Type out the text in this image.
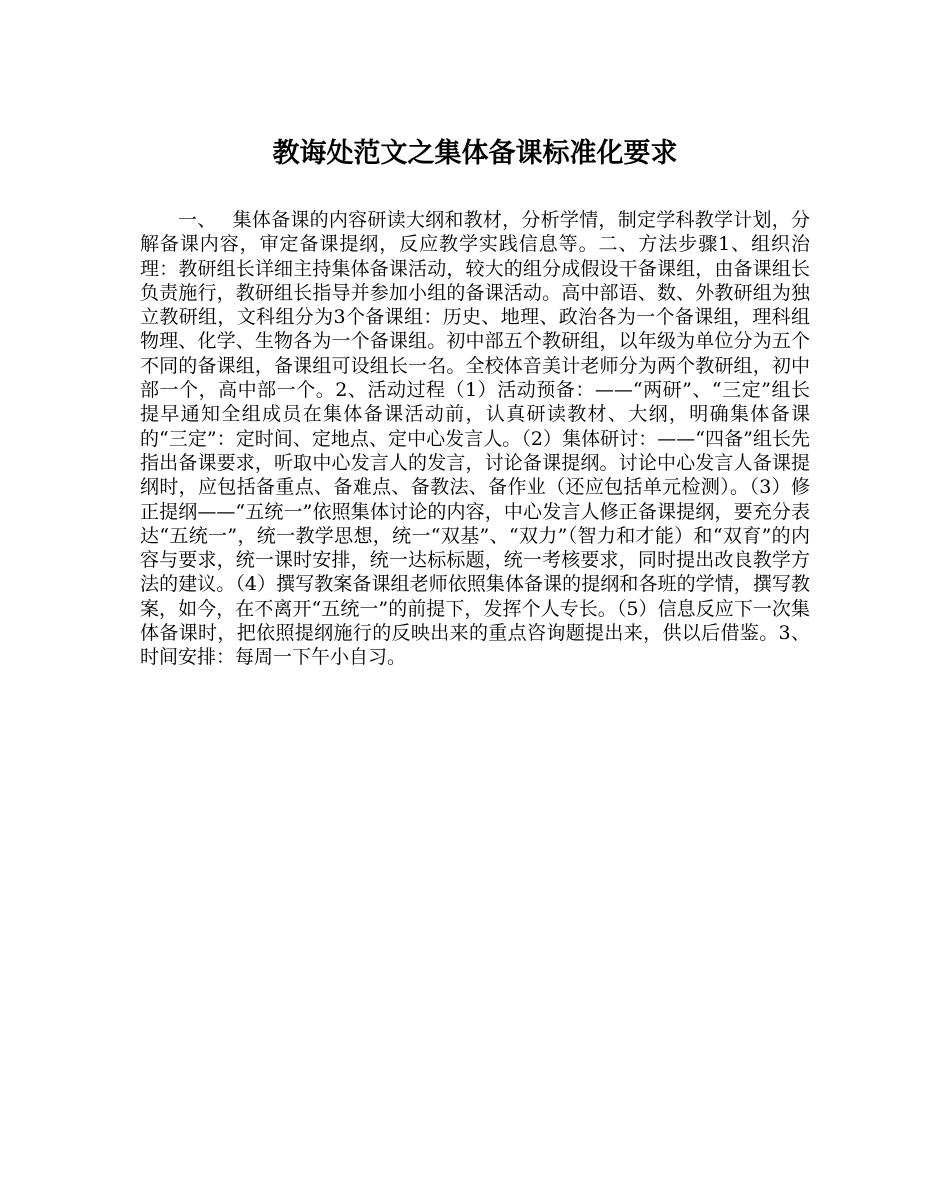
教诲处范文之集体备课标准化要求

一、　 集体备课的内容研读大纲和教材，分析学情，制定学科教学计划，分解备课内容，审定备课提纲，反应教学实践信息等。二、方法步骤1、组织治理：教研组长详细主持集体备课活动，较大的组分成假设干备课组，由备课组长负责施行，教研组长指导并参加小组的备课活动。高中部语、数、外教研组为独立教研组，文科组分为3个备课组：历史、地理、政治各为一个备课组，理科组物理、化学、生物各为一个备课组。初中部五个教研组，以年级为单位分为五个不同的备课组，备课组可设组长一名。全校体音美计老师分为两个教研组，初中部一个，高中部一个。2、活动过程（1）活动预备：——“两研”、“三定”组长提早通知全组成员在集体备课活动前，认真研读教材、大纲，明确集体备课的“三定”：定时间、定地点、定中心发言人。（2）集体研讨：——“四备”组长先指出备课要求，听取中心发言人的发言，讨论备课提纲。讨论中心发言人备课提纲时，应包括备重点、备难点、备教法、备作业（还应包括单元检测）。（3）修正提纲——“五统一”依照集体讨论的内容，中心发言人修正备课提纲，要充分表达“五统一”，统一教学思想，统一“双基”、“双力”（智力和才能）和“双育”的内容与要求，统一课时安排，统一达标标题，统一考核要求，同时提出改良教学方法的建议。（4）撰写教案备课组老师依照集体备课的提纲和各班的学情，撰写教案，如今，在不离开“五统一”的前提下，发挥个人专长。（5）信息反应下一次集体备课时，把依照提纲施行的反映出来的重点咨询题提出来，供以后借鉴。3、时间安排：每周一下午小自习。
